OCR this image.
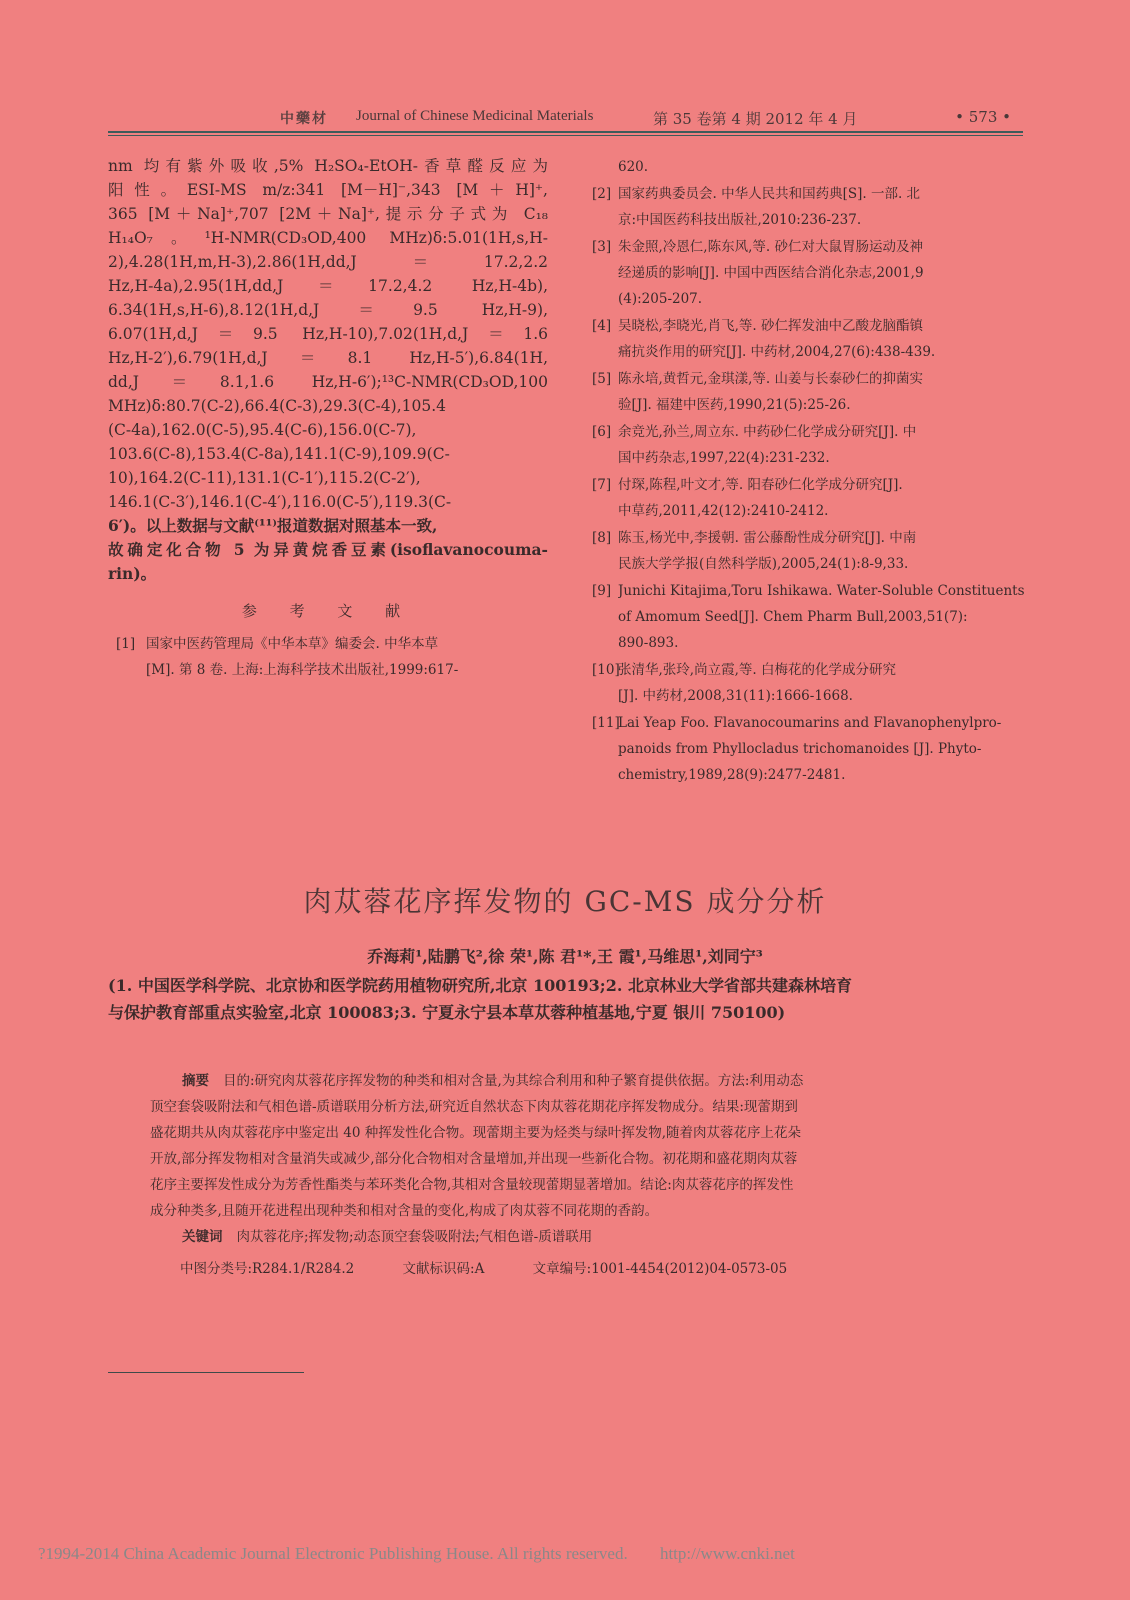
中藥材 Journal of Chinese Medicinal Materials	第 35 卷第 4 期 2012 年 4 月	• 573 •
nm 均有紫外吸收,5% H₂SO₄-EtOH-香草醛反应为
阳性。ESI-MS m/z:341 [M－H]⁻,343 [M＋H]⁺,
365 [M＋Na]⁺,707 [2M＋Na]⁺,提示分子式为 C₁₈
H₁₄O₇。¹H-NMR(CD₃OD,400 MHz)δ:5.01(1H,s,H-
2),4.28(1H,m,H-3),2.86(1H,dd,J＝17.2,2.2
Hz,H-4a),2.95(1H,dd,J＝17.2,4.2 Hz,H-4b),
6.34(1H,s,H-6),8.12(1H,d,J＝9.5 Hz,H-9),
6.07(1H,d,J＝9.5 Hz,H-10),7.02(1H,d,J＝1.6
Hz,H-2′),6.79(1H,d,J＝8.1 Hz,H-5′),6.84(1H,
dd,J＝8.1,1.6 Hz,H-6′);¹³C-NMR(CD₃OD,100
MHz)δ:80.7(C-2),66.4(C-3),29.3(C-4),105.4
(C-4a),162.0(C-5),95.4(C-6),156.0(C-7),
103.6(C-8),153.4(C-8a),141.1(C-9),109.9(C-
10),164.2(C-11),131.1(C-1′),115.2(C-2′),
146.1(C-3′),146.1(C-4′),116.0(C-5′),119.3(C-
6′)。以上数据与文献⁽¹¹⁾报道数据对照基本一致,
故确定化合物 5 为异黄烷香豆素(isoflavanocouma-
rin)。
参 考 文 献
[1] 国家中医药管理局《中华本草》编委会. 中华本草
[M]. 第 8 卷. 上海:上海科学技术出版社,1999:617-
620.
[2] 国家药典委员会. 中华人民共和国药典[S]. 一部. 北
京:中国医药科技出版社,2010:236-237.
[3] 朱金照,冷恩仁,陈东风,等. 砂仁对大鼠胃肠运动及神
经递质的影响[J]. 中国中西医结合消化杂志,2001,9
(4):205-207.
[4] 吴晓松,李晓光,肖飞,等. 砂仁挥发油中乙酸龙脑酯镇
痛抗炎作用的研究[J]. 中药材,2004,27(6):438-439.
[5] 陈永培,黄哲元,金琪漾,等. 山姜与长泰砂仁的抑菌实
验[J]. 福建中医药,1990,21(5):25-26.
[6] 余竞光,孙兰,周立东. 中药砂仁化学成分研究[J]. 中
国中药杂志,1997,22(4):231-232.
[7] 付琛,陈程,叶文才,等. 阳春砂仁化学成分研究[J].
中草药,2011,42(12):2410-2412.
[8] 陈玉,杨光中,李援朝. 雷公藤酚性成分研究[J]. 中南
民族大学学报(自然科学版),2005,24(1):8-9,33.
[9] Junichi Kitajima,Toru Ishikawa. Water-Soluble Constituents
of Amomum Seed[J]. Chem Pharm Bull,2003,51(7):
890-893.
[10]
张清华,张玲,尚立霞,等. 白梅花的化学成分研究
[J]. 中药材,2008,31(11):1666-1668.
[11]
Lai Yeap Foo. Flavanocoumarins and Flavanophenylpro-
panoids from Phyllocladus trichomanoides [J]. Phyto-
chemistry,1989,28(9):2477-2481.
肉苁蓉花序挥发物的 GC-MS 成分分析
乔海莉¹,陆鹏飞²,徐 荣¹,陈 君¹*,王 霞¹,马维思¹,刘同宁³
(1. 中国医学科学院、北京协和医学院药用植物研究所,北京 100193;2. 北京林业大学省部共建森林培育
与保护教育部重点实验室,北京 100083;3. 宁夏永宁县本草苁蓉种植基地,宁夏 银川 750100)
摘要 目的:研究肉苁蓉花序挥发物的种类和相对含量,为其综合利用和种子繁育提供依据。方法:利用动态
顶空套袋吸附法和气相色谱-质谱联用分析方法,研究近自然状态下肉苁蓉花期花序挥发物成分。结果:现蕾期到
盛花期共从肉苁蓉花序中鉴定出 40 种挥发性化合物。现蕾期主要为烃类与绿叶挥发物,随着肉苁蓉花序上花朵
开放,部分挥发物相对含量消失或减少,部分化合物相对含量增加,并出现一些新化合物。初花期和盛花期肉苁蓉
花序主要挥发性成分为芳香性酯类与苯环类化合物,其相对含量较现蕾期显著增加。结论:肉苁蓉花序的挥发性
成分种类多,且随开花进程出现种类和相对含量的变化,构成了肉苁蓉不同花期的香韵。
关键词 肉苁蓉花序;挥发物;动态顶空套袋吸附法;气相色谱-质谱联用
中图分类号:R284.1/R284.2	文献标识码:A	文章编号:1001-4454(2012)04-0573-05
?1994-2014 China Academic Journal Electronic Publishing House. All rights reserved. http://www.cnki.net
